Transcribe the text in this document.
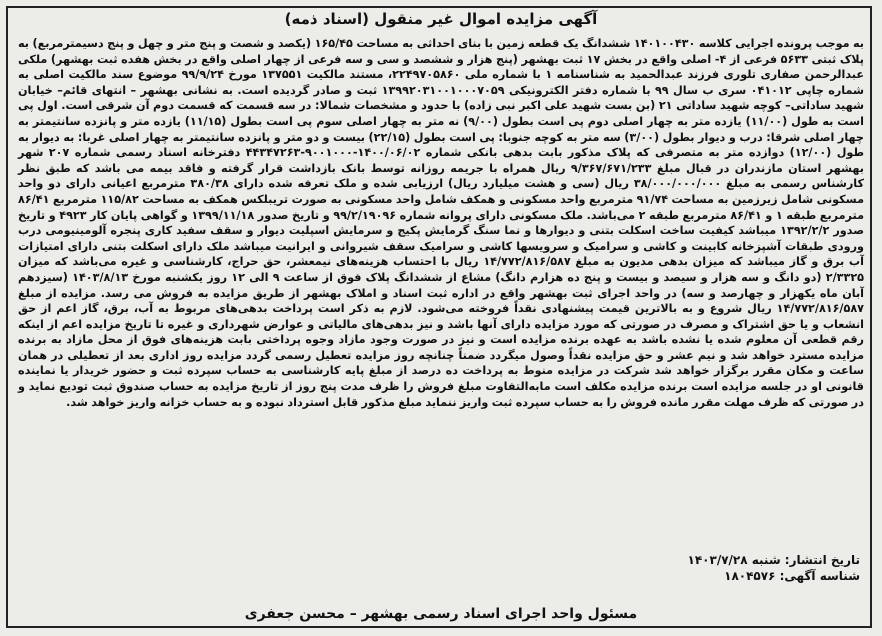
آگهی مزایده اموال غیر منقول (اسناد ذمه)

به موجب پرونده اجرایی کلاسه ۱۴۰۱۰۰۴۳۰ ششدانگ یک قطعه زمین با بنای احداثی به مساحت ۱۶۵/۴۵ (یکصد و شصت و پنج متر و چهل و پنج دسیمترمربع) به پلاک ثبتی ۵۶۳۳ فرعی از ۴- اصلی واقع در بخش ۱۷ ثبت بهشهر (پنج هزار و ششصد و سی و سه فرعی از چهار اصلی واقع در بخش هفده ثبت بهشهر) ملکی عبدالرحمن صفاری تلوری فرزند عبدالحمید به شناسنامه ۱ با شماره ملی ۲۲۴۹۷۰۵۸۶۰، مستند مالکیت ۱۳۷۵۵۱ مورخ ۹۹/۹/۲۴ موضوع سند مالکیت اصلی به شماره چاپی ۰۴۱۰۱۲ سری ب سال ۹۹ با شماره دفتر الکترونیکی ۱۳۹۹۲۰۳۱۰۰۱۰۰۰۷۰۵۹ ثبت و صادر گردیده است. به نشانی بهشهر – انتهای قائم– خیابان شهید ساداتی– کوچه شهید ساداتی ۲۱ (بن بست شهید علی اکبر نبی زاده) با حدود و مشخصات شمالا: در سه قسمت که قسمت دوم آن شرقی است. اول پی است به طول (۱۱/۰۰) یازده متر به چهار اصلی دوم پی است بطول (۹/۰۰) نه متر به چهار اصلی سوم پی است بطول (۱۱/۱۵) یازده متر و پانزده سانتیمتر به چهار اصلی شرقا: درب و دیوار بطول (۳/۰۰) سه متر به کوچه جنوبا: پی است بطول (۲۲/۱۵) بیست و دو متر و پانزده سانتیمتر به چهار اصلی غربا: به دیوار به طول (۱۲/۰۰) دوازده متر به متصرفی که پلاک مذکور بابت بدهی بانکی شماره ۱۴۰۰/۰۶/۰۲-۹۰۰۱۰۰۰-۴۴۳۴۷۲۶۳ دفترخانه اسناد رسمی شماره ۲۰۷ شهر بهشهر استان مازندران در قبال مبلغ ۹/۳۶۷/۶۷۱/۲۳۳ ریال همراه با جریمه روزانه توسط بانک بازداشت قرار گرفته و فاقد بیمه می باشد که طبق نظر کارشناس رسمی به مبلغ ۳۸/۰۰۰/۰۰۰/۰۰۰ ریال (سی و هشت میلیارد ریال) ارزیابی شده و ملک تعرفه شده دارای ۳۸۰/۳۸ مترمربع اعیانی دارای دو واحد مسکونی شامل زیرزمین به مساحت ۹۱/۷۴ مترمربع واحد مسکونی و همکف شامل واحد مسکونی به صورت تریبلکس همکف به مساحت ۱۱۵/۸۲ مترمربع ۸۶/۴۱ مترمربع طبقه ۱ و ۸۶/۴۱ مترمربع طبقه ۲ می‌باشد. ملک مسکونی دارای پروانه شماره ۹۹/۲/۱۹۰۹۶ و تاریخ صدور ۱۳۹۹/۱۱/۱۸ و گواهی پایان کار ۴۹۲۳ و تاریخ صدور ۱۳۹۲/۲/۲ میباشد کیفیت ساخت اسکلت بتنی و دیوارها و نما سنگ گرمایش پکیج و سرمایش اسپلیت دیوار و سقف سفید کاری پنجره آلومینیومی درب ورودی طبقات آشپزخانه کابینت و کاشی و سرامیک و سرویسها کاشی و سرامیک سقف شیروانی و ایرانیت میباشد ملک دارای اسکلت بتنی دارای امتیازات آب برق و گاز میباشد که میزان بدهی مدیون به مبلغ ۱۴/۷۷۲/۸۱۶/۵۸۷ ریال با احتساب هزینه‌های نیمعشر، حق حراج، کارشناسی و غیره می‌باشد که میزان ۲/۳۳۲۵ (دو دانگ و سه هزار و سیصد و بیست و پنج ده هزارم دانگ) مشاع از ششدانگ پلاک فوق از ساعت ۹ الی ۱۲ روز یکشنبه مورخ ۱۴۰۳/۸/۱۳ (سیزدهم آبان ماه یکهزار و چهارصد و سه) در واحد اجرای ثبت بهشهر واقع در اداره ثبت اسناد و املاک بهشهر از طریق مزایده به فروش می رسد. مزایده از مبلغ ۱۴/۷۷۲/۸۱۶/۵۸۷ ریال شروع و به بالاترین قیمت پیشنهادی نقداً فروخته می‌شود. لازم به ذکر است پرداخت بدهی‌های مربوط به آب، برق، گاز اعم از حق انشعاب و یا حق اشتراک و مصرف در صورتی که مورد مزایده دارای آنها باشد و نیز بدهی‌های مالیاتی و عوارض شهرداری و غیره تا تاریخ مزایده اعم از اینکه رقم قطعی آن معلوم شده یا نشده باشد به عهده برنده مزایده است و نیز در صورت وجود مازاد وجوه پرداختی بابت هزینه‌های فوق از محل مازاد به برنده مزایده مسترد خواهد شد و نیم عشر و حق مزایده نقداً وصول میگردد ضمناً چنانچه روز مزایده تعطیل رسمی گردد مزایده روز اداری بعد از تعطیلی در همان ساعت و مکان مقرر برگزار خواهد شد شرکت در مزایده منوط به پرداخت ده درصد از مبلغ پایه کارشناسی به حساب سپرده ثبت و حضور خریدار یا نماینده قانونی او در جلسه مزایده است برنده مزایده مکلف است مابه‌التفاوت مبلغ فروش را ظرف مدت پنج روز از تاریخ مزایده به حساب صندوق ثبت تودیع نماید و در صورتی که ظرف مهلت مقرر مانده فروش را به حساب سپرده ثبت واریز ننماید مبلغ مذکور قابل استرداد نبوده و به حساب خزانه واریز خواهد شد.

تاریخ انتشار: شنبه ۱۴۰۳/۷/۲۸
شناسه آگهی: ۱۸۰۴۵۷۶
مسئول واحد اجرای اسناد رسمی بهشهر – محسن جعفری
